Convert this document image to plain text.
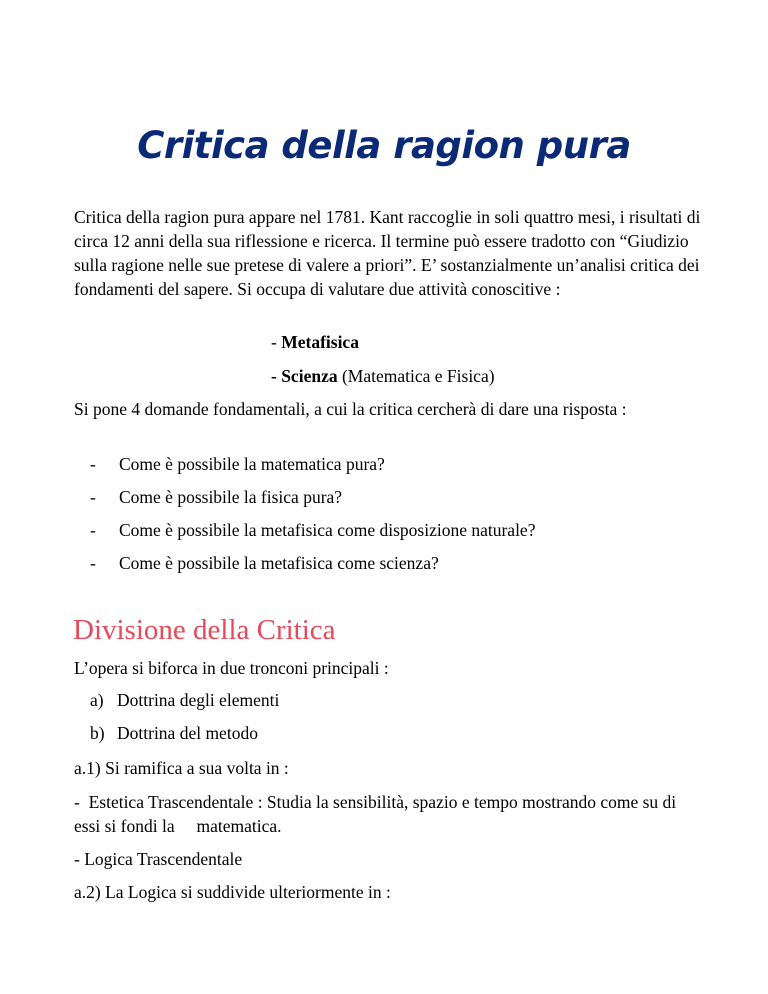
Critica della ragion pura

Critica della ragion pura appare nel 1781. Kant raccoglie in soli quattro mesi, i risultati di circa 12 anni della sua riflessione e ricerca. Il termine può essere tradotto con “Giudizio sulla ragione nelle sue pretese di valere a priori”. E’ sostanzialmente un’analisi critica dei fondamenti del sapere. Si occupa di valutare due attività conoscitive :

- Metafisica
- Scienza (Matematica e Fisica)

Si pone 4 domande fondamentali, a cui la critica cercherà di dare una risposta :

- Come è possibile la matematica pura?
- Come è possibile la fisica pura?
- Come è possibile la metafisica come disposizione naturale?
- Come è possibile la metafisica come scienza?
Divisione della Critica

L’opera si biforca in due tronconi principali :

a) Dottrina degli elementi
b) Dottrina del metodo

a.1) Si ramifica a sua volta in :

-  Estetica Trascendentale : Studia la sensibilità, spazio e tempo mostrando come su di essi si fondi la     matematica.

- Logica Trascendentale

a.2) La Logica si suddivide ulteriormente in :
